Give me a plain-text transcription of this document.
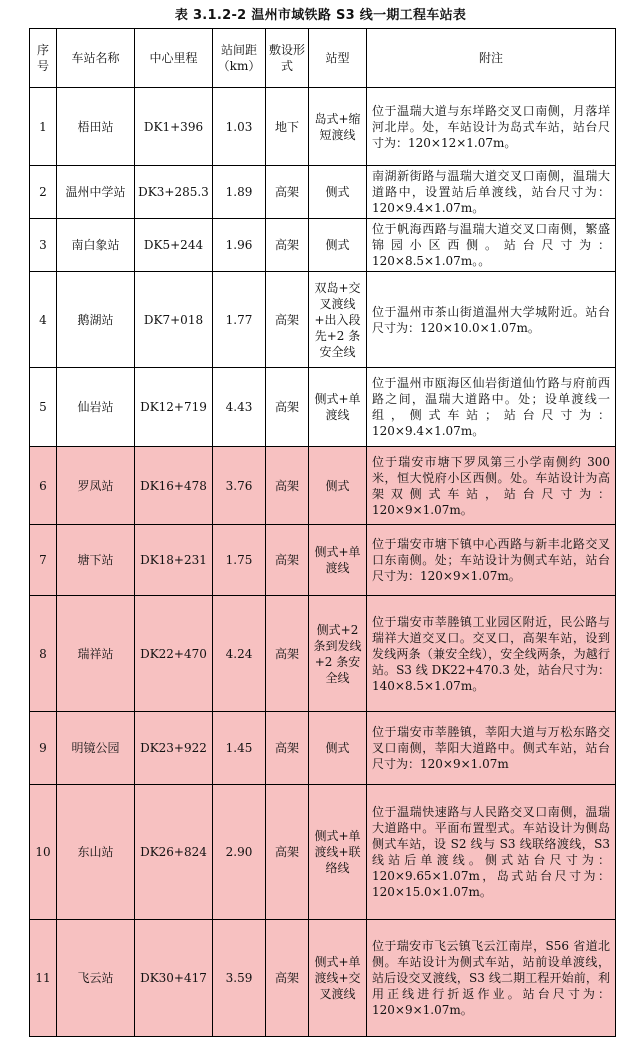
表 3.1.2-2 温州市域铁路 S3 线一期工程车站表
序号	车站名称	中心里程	站间距（km）	敷设形式	站型	附注
1	梧田站	DK1+396	1.03	地下	岛式+缩短渡线	位于温瑞大道与东垟路交叉口南侧，月落垟河北岸。处，车站设计为岛式车站，站台尺寸为：120×12×1.07m。
2	温州中学站	DK3+285.3	1.89	高架	侧式	南湖新街路与温瑞大道交叉口南侧，温瑞大道路中，设置站后单渡线，站台尺寸为：120×9.4×1.07m。
3	南白象站	DK5+244	1.96	高架	侧式	位于帆海西路与温瑞大道交叉口南侧，繁盛锦园小区西侧。站台尺寸为：120×8.5×1.07m。。
4	鹅湖站	DK7+018	1.77	高架	双岛+交叉渡线+出入段先+2 条安全线	位于温州市茶山街道温州大学城附近。站台尺寸为：120×10.0×1.07m。
5	仙岩站	DK12+719	4.43	高架	侧式+单渡线	位于温州市瓯海区仙岩街道仙竹路与府前西路之间，温瑞大道路中。处；设单渡线一组，侧式车站；站台尺寸为：120×9.4×1.07m。
6	罗凤站	DK16+478	3.76	高架	侧式	位于瑞安市塘下罗凤第三小学南侧约 300 米，恒大悦府小区西侧。处。车站设计为高架双侧式车站，站台尺寸为：120×9×1.07m。
7	塘下站	DK18+231	1.75	高架	侧式+单渡线	位于瑞安市塘下镇中心西路与新丰北路交叉口东南侧。处；车站设计为侧式车站，站台尺寸为：120×9×1.07m。
8	瑞祥站	DK22+470	4.24	高架	侧式+2 条到发线+2 条安全线	位于瑞安市莘塍镇工业园区附近，民公路与瑞祥大道交叉口。交叉口，高架车站，设到发线两条（兼安全线），安全线两条，为越行站。S3 线 DK22+470.3 处，站台尺寸为：140×8.5×1.07m。
9	明镜公园	DK23+922	1.45	高架	侧式	位于瑞安市莘塍镇，莘阳大道与万松东路交叉口南侧，莘阳大道路中。侧式车站，站台尺寸为：120×9×1.07m
10	东山站	DK26+824	2.90	高架	侧式+单渡线+联络线	位于温瑞快速路与人民路交叉口南侧，温瑞大道路中。平面布置型式。车站设计为侧岛侧式车站，设 S2 线与 S3 线联络渡线，S3 线站后单渡线。侧式站台尺寸为：120×9.65×1.07m，岛式站台尺寸为：120×15.0×1.07m。
11	飞云站	DK30+417	3.59	高架	侧式+单渡线+交叉渡线	位于瑞安市飞云镇飞云江南岸，S56 省道北侧。车站设计为侧式车站，站前设单渡线，站后设交叉渡线，S3 线二期工程开始前，利用正线进行折返作业。站台尺寸为：120×9×1.07m。
